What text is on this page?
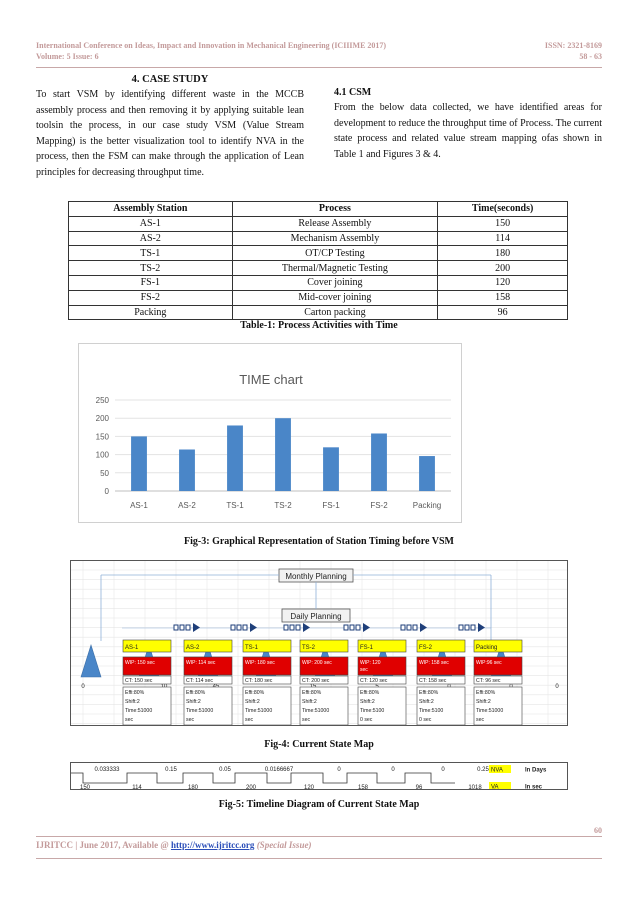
International Conference on Ideas, Impact and Innovation in Mechanical Engineering (ICIIIME 2017)
Volume: 5 Issue: 6
ISSN: 2321-8169
58 - 63
4. CASE STUDY
To start VSM by identifying different waste in the MCCB assembly process and then removing it by applying suitable lean toolsin the process, in our case study VSM (Value Stream Mapping) is the better visualization tool to identify NVA in the process, then the FSM can make through the application of Lean principles for decreasing throughput time.
4.1 CSM
From the below data collected, we have identified areas for development to reduce the throughput time of Process. The current state process and related value stream mapping ofas shown in Table 1 and Figures 3 & 4.
Assembly Station	Process	Time(seconds)
AS-1	Release Assembly	150
AS-2	Mechanism Assembly	114
TS-1	OT/CP Testing	180
TS-2	Thermal/Magnetic Testing	200
FS-1	Cover joining	120
FS-2	Mid-cover joining	158
Packing	Carton packing	96
Table-1: Process Activities with Time
TIME chart
0
50
100
150
200
250
AS-1	AS-2	TS-1	TS-2	FS-1	FS-2	Packing
Fig-3: Graphical Representation of Station Timing before VSM
Monthly Planning
Daily Planning
0	0
AS-1
WIP: 150 sec
CT: 150 sec
Effi:80%
Shift:2
Time:51000
sec
AS-2
WIP: 114 sec
CT: 114 sec
Effi:80%
Shift:2
Time:51000
sec
TS-1
WIP: 180 sec
CT: 180 sec
Effi:80%
Shift:2
Time:51000
sec
TS-2
WIP: 200 sec
CT: 200 sec
Effi:80%
Shift:2
Time:51000
sec
FS-1
WIP: 120
sec
CT: 120 sec
Effi:80%
Shift:2
Time:5100
0 sec
FS-2
WIP: 158 sec
CT: 158 sec
Effi:80%
Shift:2
Time:5100
0 sec
Packing
WIP:96 sec
CT: 96 sec
Effi:80%
Shift:2
Time:51000
sec
Fig-4: Current State Map
0.033333	0.15	0.05	0.0166667	0	0	0	0.25
150	114	180	200	120	158	96	1018
NVA
VA
In Days
In sec
Fig-5: Timeline Diagram of Current State Map
60
IJRITCC | June 2017, Available @ http://www.ijritcc.org (Special Issue)
